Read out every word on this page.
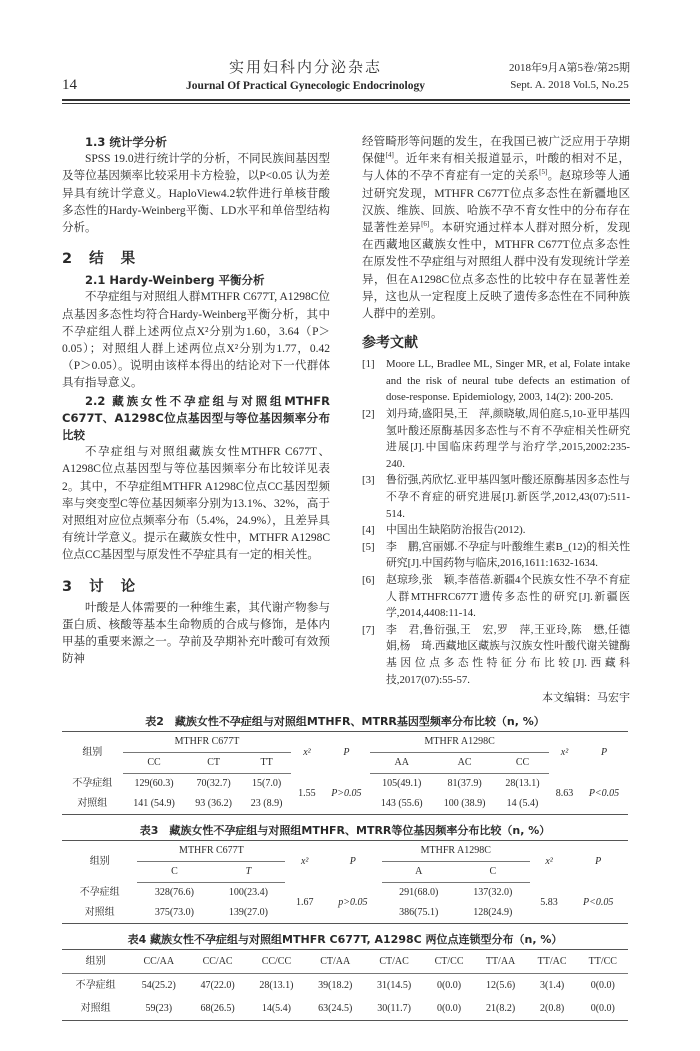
14
实用妇科内分泌杂志
Journal Of Practical Gynecologic Endocrinology
2018年9月A第5卷/第25期
Sept. A. 2018 Vol.5, No.25
1.3 统计学分析

SPSS 19.0进行统计学的分析，不同民族间基因型及等位基因频率比较采用卡方检验，以P<0.05 认为差异具有统计学意义。HaploView4.2软件进行单核苷酸多态性的Hardy-Weinberg平衡、LD水平和单倍型结构分析。

2 结 果
2.1 Hardy-Weinberg 平衡分析

不孕症组与对照组人群MTHFR C677T, A1298C位点基因多态性均符合Hardy-Weinberg平衡分析，其中不孕症组人群上述两位点X²分别为1.60，3.64（P＞0.05）；对照组人群上述两位点X²分别为1.77，0.42（P＞0.05）。说明由该样本得出的结论对下一代群体具有指导意义。

2.2 藏族女性不孕症组与对照组MTHFR C677T、A1298C位点基因型与等位基因频率分布比较

不孕症组与对照组藏族女性MTHFR C677T、A1298C位点基因型与等位基因频率分布比较详见表2。其中，不孕症组MTHFR A1298C位点CC基因型频率与突变型C等位基因频率分别为13.1%、32%，高于对照组对应位点频率分布（5.4%，24.9%），且差异具有统计学意义。提示在藏族女性中，MTHFR A1298C位点CC基因型与原发性不孕症具有一定的相关性。

3 讨 论

叶酸是人体需要的一种维生素，其代谢产物参与蛋白质、核酸等基本生命物质的合成与修饰，是体内甲基的重要来源之一。孕前及孕期补充叶酸可有效预防神

经管畸形等问题的发生，在我国已被广泛应用于孕期保健[4]。近年来有相关报道显示，叶酸的相对不足，与人体的不孕不育症有一定的关系[5]。赵琼珍等人通过研究发现，MTHFR C677T位点多态性在新疆地区汉族、维族、回族、哈族不孕不育女性中的分布存在显著性差异[6]。本研究通过样本人群对照分析，发现在西藏地区藏族女性中，MTHFR C677T位点多态性在原发性不孕症组与对照组人群中没有发现统计学差异，但在A1298C位点多态性的比较中存在显著性差异，这也从一定程度上反映了遗传多态性在不同种族人群中的差别。

参考文献
[1]	Moore LL, Bradlee ML, Singer MR, et al, Folate intake and the risk of neural tube defects an estimation of dose-response. Epidemiology, 2003, 14(2): 200-205.
[2]	刘丹琦,盛阳昊,王　萍,颜晓敏,周伯庭.5,10-亚甲基四氢叶酸还原酶基因多态性与不育不孕症相关性研究进展[J].中国临床药理学与治疗学,2015,2002:235-240.
[3]	鲁衍强,芮欣忆.亚甲基四氢叶酸还原酶基因多态性与不孕不育症的研究进展[J].新医学,2012,43(07):511-514.
[4]	中国出生缺陷防治报告(2012).
[5]	李　鹏,宫丽娜.不孕症与叶酸维生素B_(12)的相关性研究[J].中国药物与临床,2016,1611:1632-1634.
[6]	赵琼珍,张　颖,李蓓蓓.新疆4个民族女性不孕不育症人群MTHFRC677T遗传多态性的研究[J].新疆医学,2014,4408:11-14.
[7]	李　君,鲁衍强,王　宏,罗　萍,王亚玲,陈　懋,任德娟,杨　琦.西藏地区藏族与汉族女性叶酸代谢关键酶基因位点多态性特征分布比较[J].西藏科技,2017(07):55-57.
本文编辑：马宏宇
表2　藏族女性不孕症组与对照组MTHFR、MTRR基因型频率分布比较（n, %）
组别	MTHFR C677T			x²	P	MTHFR A1298C			x²	P
	CC	CT	TT			AA	AC	CC		
不孕症组	129(60.3)	70(32.7)	15(7.0)	1.55	P>0.05	105(49.1)	81(37.9)	28(13.1)	8.63	P<0.05
对照组	141 (54.9)	93 (36.2)	23 (8.9)			143 (55.6)	100 (38.9)	14 (5.4)		
表3　藏族女性不孕症组与对照组MTHFR、MTRR等位基因频率分布比较（n, %）
组别	MTHFR C677T		x²	P	MTHFR A1298C		x²	P
	C	T			A	C		
不孕症组	328(76.6)	100(23.4)	1.67	p>0.05	291(68.0)	137(32.0)	5.83	P<0.05
对照组	375(73.0)	139(27.0)			386(75.1)	128(24.9)		
表4 藏族女性不孕症组与对照组MTHFR C677T, A1298C 两位点连锁型分布（n, %）
组别	CC/AA	CC/AC	CC/CC	CT/AA	CT/AC	CT/CC	TT/AA	TT/AC	TT/CC
不孕症组	54(25.2)	47(22.0)	28(13.1)	39(18.2)	31(14.5)	0(0.0)	12(5.6)	3(1.4)	0(0.0)
对照组	59(23)	68(26.5)	14(5.4)	63(24.5)	30(11.7)	0(0.0)	21(8.2)	2(0.8)	0(0.0)
